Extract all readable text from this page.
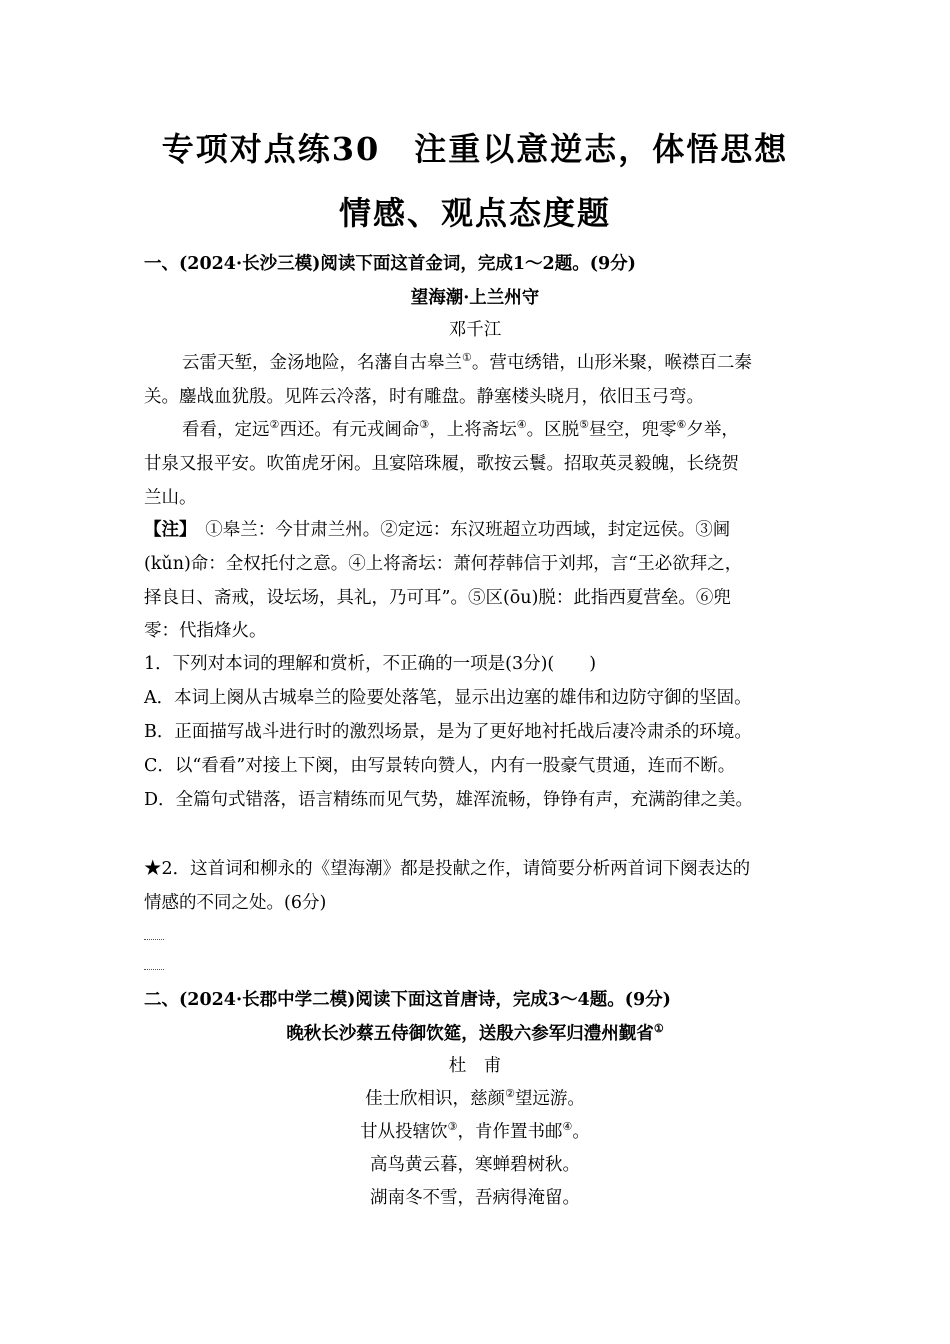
专项对点练30　注重以意逆志，体悟思想
情感、观点态度题
一、(2024·长沙三模)阅读下面这首金词，完成1～2题。(9分)
望海潮·上兰州守
邓千江
云雷天堑，金汤地险，名藩自古皋兰①。营屯绣错，山形米聚，喉襟百二秦
关。鏖战血犹殷。见阵云冷落，时有雕盘。静塞楼头晓月，依旧玉弓弯。
看看，定远②西还。有元戎阃命③，上将斋坛④。区脱⑤昼空，兜零⑥夕举，
甘泉又报平安。吹笛虎牙闲。且宴陪珠履，歌按云鬟。招取英灵毅魄，长绕贺
兰山。
【注】　①皋兰：今甘肃兰州。②定远：东汉班超立功西域，封定远侯。③阃
(kǔn)命：全权托付之意。④上将斋坛：萧何荐韩信于刘邦，言“王必欲拜之，
择良日、斋戒，设坛场，具礼，乃可耳”。⑤区(ōu)脱：此指西夏营垒。⑥兜
零：代指烽火。
1．下列对本词的理解和赏析，不正确的一项是(3分)(　　)
A．本词上阕从古城皋兰的险要处落笔，显示出边塞的雄伟和边防守御的坚固。
B．正面描写战斗进行时的激烈场景，是为了更好地衬托战后凄冷肃杀的环境。
C．以“看看”对接上下阕，由写景转向赞人，内有一股豪气贯通，连而不断。
D．全篇句式错落，语言精练而见气势，雄浑流畅，铮铮有声，充满韵律之美。
★2．这首词和柳永的《望海潮》都是投献之作，请简要分析两首词下阕表达的
情感的不同之处。(6分)
二、(2024·长郡中学二模)阅读下面这首唐诗，完成3～4题。(9分)
晚秋长沙蔡五侍御饮筵，送殷六参军归澧州觐省①
杜　甫
佳士欣相识，慈颜②望远游。
甘从投辖饮③，肯作置书邮④。
高鸟黄云暮，寒蝉碧树秋。
湖南冬不雪，吾病得淹留。
